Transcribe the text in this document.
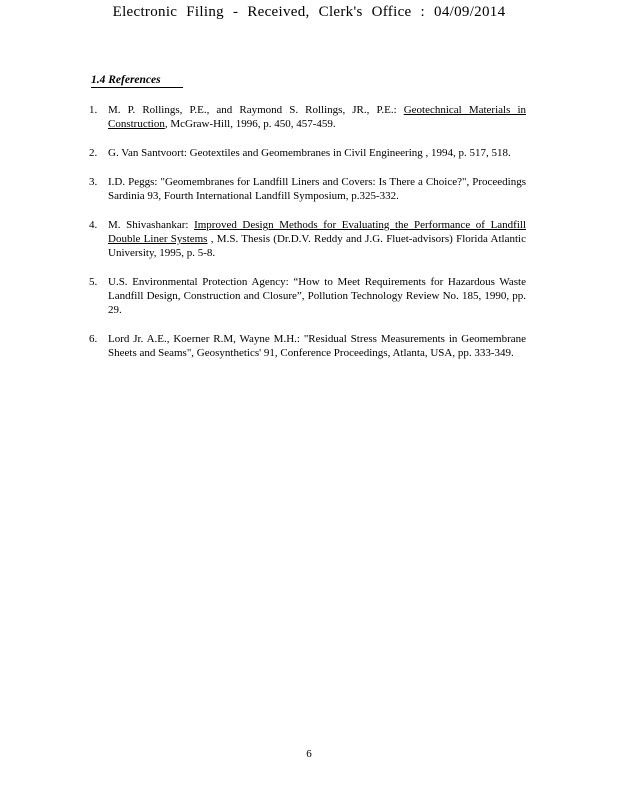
Electronic Filing - Received, Clerk's Office : 04/09/2014
1.4 References
1. M. P. Rollings, P.E., and Raymond S. Rollings, JR., P.E.: Geotechnical Materials in Construction, McGraw-Hill, 1996, p. 450, 457-459.
2. G. Van Santvoort: Geotextiles and Geomembranes in Civil Engineering , 1994, p. 517, 518.
3. I.D. Peggs: "Geomembranes for Landfill Liners and Covers: Is There a Choice?", Proceedings Sardinia 93, Fourth International Landfill Symposium, p.325-332.
4. M. Shivashankar: Improved Design Methods for Evaluating the Performance of Landfill Double Liner Systems , M.S. Thesis (Dr.D.V. Reddy and J.G. Fluet-advisors) Florida Atlantic University, 1995, p. 5-8.
5. U.S. Environmental Protection Agency: “How to Meet Requirements for Hazardous Waste Landfill Design, Construction and Closure”, Pollution Technology Review No. 185, 1990, pp. 29.
6. Lord Jr. A.E., Koerner R.M, Wayne M.H.: "Residual Stress Measurements in Geomembrane Sheets and Seams", Geosynthetics' 91, Conference Proceedings, Atlanta, USA, pp. 333-349.
6
